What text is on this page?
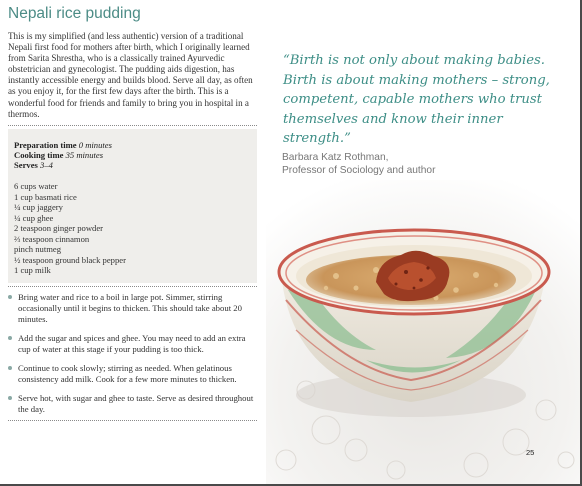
Nepali rice pudding
This is my simplified (and less authentic) version of a traditional Nepali first food for mothers after birth, which I originally learned from Sarita Shrestha, who is a classically trained Ayurvedic obstetrician and gynecologist. The pudding aids digestion, has instantly accessible energy and builds blood. Serve all day, as often as you enjoy it, for the first few days after the birth. This is a wonderful food for friends and family to bring you in hospital in a thermos.
Preparation time 0 minutes
Cooking time 35 minutes
Serves 3–4
6 cups water
1 cup basmati rice
¼ cup jaggery
¼ cup ghee
2 teaspoon ginger powder
⅔ teaspoon cinnamon
pinch nutmeg
½ teaspoon ground black pepper
1 cup milk
Bring water and rice to a boil in large pot. Simmer, stirring occasionally until it begins to thicken. This should take about 20 minutes.
Add the sugar and spices and ghee. You may need to add an extra cup of water at this stage if your pudding is too thick.
Continue to cook slowly; stirring as needed. When gelatinous consistency add milk. Cook for a few more minutes to thicken.
Serve hot, with sugar and ghee to taste. Serve as desired throughout the day.
“Birth is not only about making babies. Birth is about making mothers – strong, competent, capable mothers who trust themselves and know their inner strength.”
Barbara Katz Rothman,
Professor of Sociology and author
25
